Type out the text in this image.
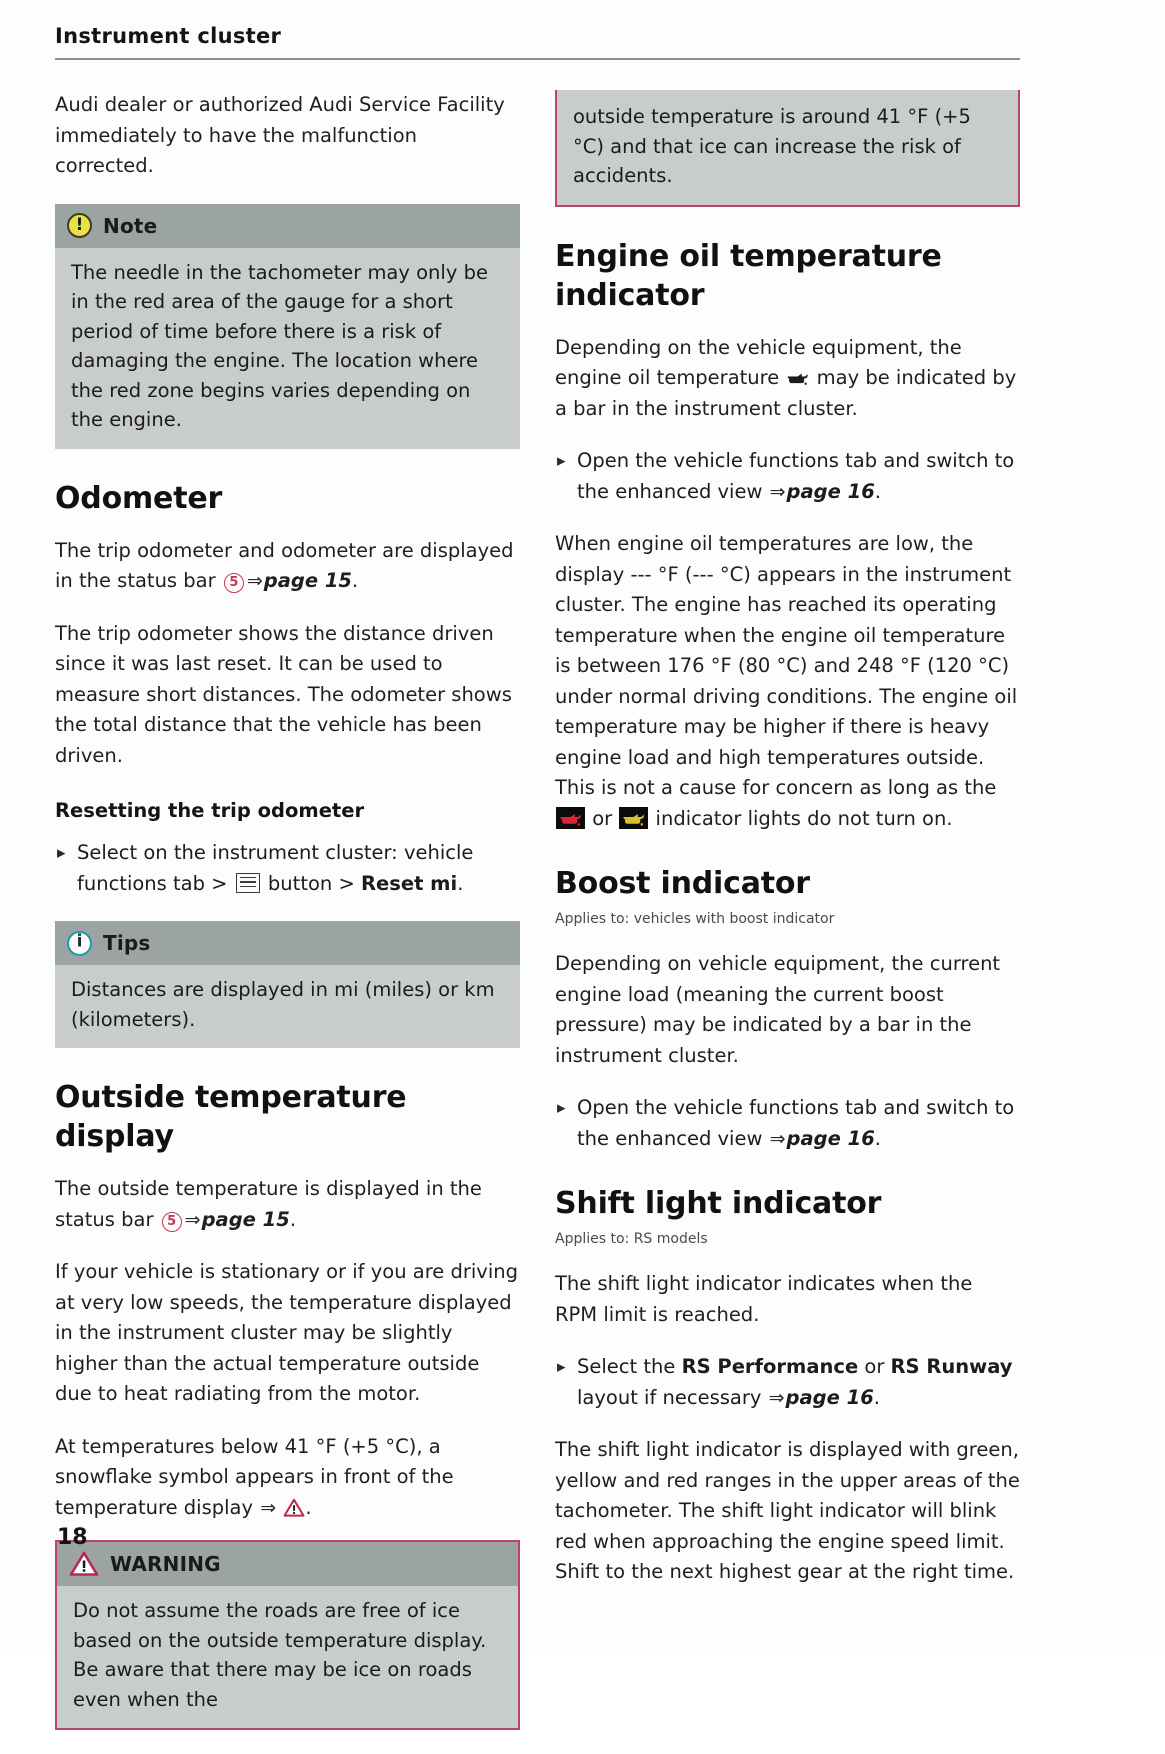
Instrument cluster

Audi dealer or authorized Audi Service Facility immediately to have the malfunction corrected.

!
Note

The needle in the tachometer may only be in the red area of the gauge for a short period of time before there is a risk of damaging the engine. The location where the red zone begins varies depending on the engine.

Odometer

The trip odometer and odometer are displayed in the status bar 5 ⇒page 15.

The trip odometer shows the distance driven since it was last reset. It can be used to measure short distances. The odometer shows the total distance that the vehicle has been driven.

Resetting the trip odometer
▸ Select on the instrument cluster: vehicle functions tab >
button > Reset mi.
i
Tips

Distances are displayed in mi (miles) or km (kilometers).

Outside temperature display

The outside temperature is displayed in the status bar 5 ⇒page 15.

If your vehicle is stationary or if you are driving at very low speeds, the temperature displayed in the instrument cluster may be slightly higher than the actual temperature outside due to heat radiating from the motor.

At temperatures below 41 °F (+5 °C), a snowflake symbol appears in front of the temperature display ⇒ .

WARNING

Do not assume the roads are free of ice based on the outside temperature display. Be aware that there may be ice on roads even when the

outside temperature is around 41 °F (+5 °C) and that ice can increase the risk of accidents.

Engine oil temperature indicator

Depending on the vehicle equipment, the engine oil temperature  may be indicated by a bar in the instrument cluster.

▸ Open the vehicle functions tab and switch to the enhanced view ⇒page 16.

When engine oil temperatures are low, the display --- °F (--- °C) appears in the instrument cluster. The engine has reached its operating temperature when the engine oil temperature is between 176 °F (80 °C) and 248 °F (120 °C) under normal driving conditions. The engine oil temperature may be higher if there is heavy engine load and high temperatures outside. This is not a cause for concern as long as the
or
indicator lights do not turn on.

Boost indicator
Applies to: vehicles with boost indicator

Depending on vehicle equipment, the current engine load (meaning the current boost pressure) may be indicated by a bar in the instrument cluster.

▸ Open the vehicle functions tab and switch to the enhanced view ⇒page 16.
Shift light indicator
Applies to: RS models

The shift light indicator indicates when the RPM limit is reached.

▸ Select the RS Performance or RS Runway layout if necessary ⇒page 16.

The shift light indicator is displayed with green, yellow and red ranges in the upper areas of the tachometer. The shift light indicator will blink red when approaching the engine speed limit. Shift to the next highest gear at the right time.

18
